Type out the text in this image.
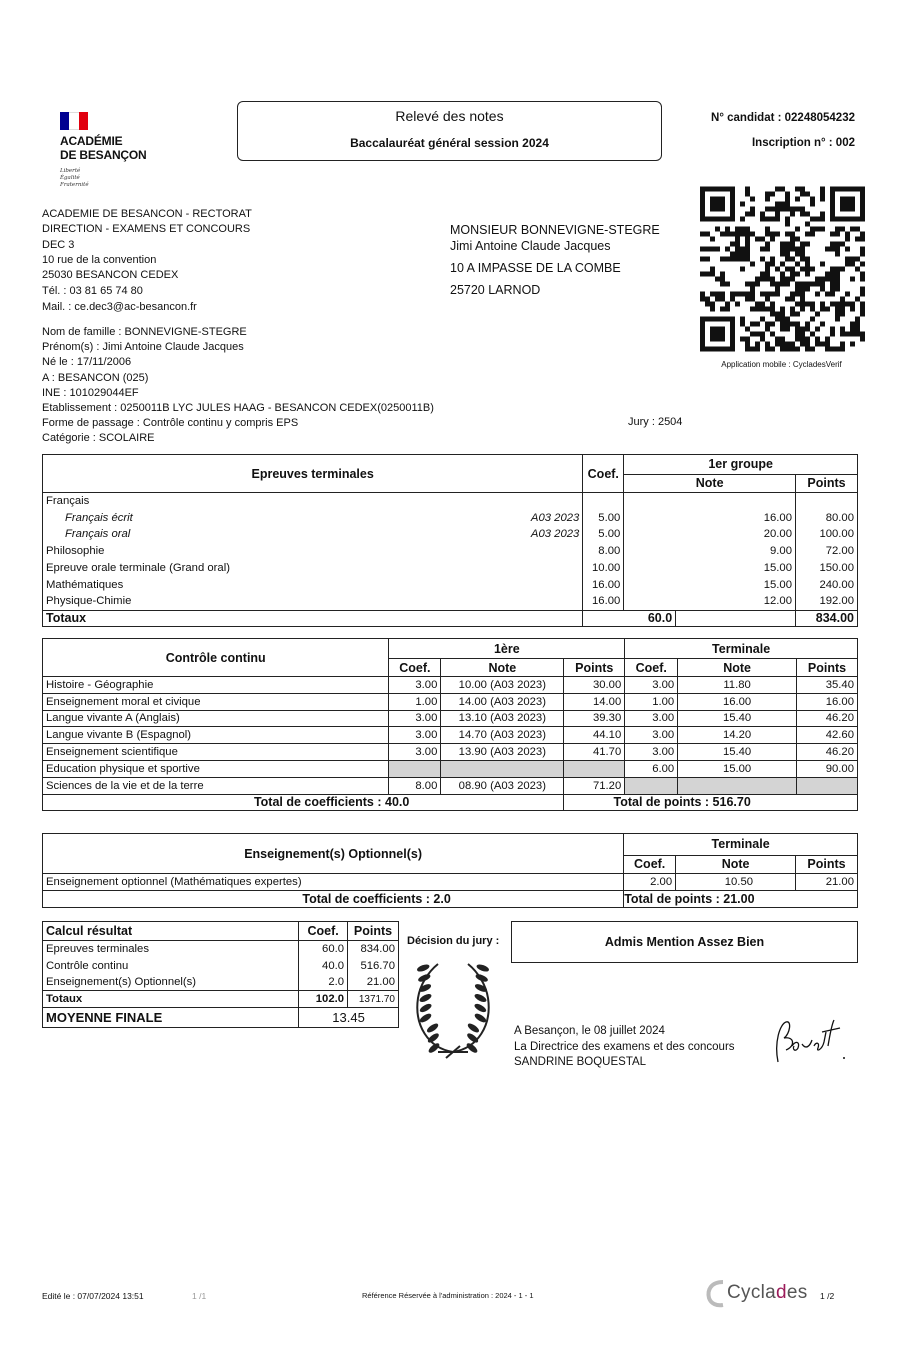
ACADÉMIE
DE BESANÇON
Liberté
Égalité
Fraternité
Relevé des notes
Baccalauréat général session 2024
N° candidat : 02248054232
Inscription n° : 002
Application mobile : CycladesVerif
ACADEMIE DE BESANCON - RECTORAT
DIRECTION - EXAMENS ET CONCOURS
DEC 3
10 rue de la convention
25030 BESANCON CEDEX
Tél. : 03 81 65 74 80
Mail. : ce.dec3@ac-besancon.fr
MONSIEUR BONNEVIGNE-STEGRE
Jimi Antoine Claude Jacques
10 A IMPASSE DE LA COMBE
25720 LARNOD
Nom de famille : BONNEVIGNE-STEGRE
Prénom(s) : Jimi Antoine Claude Jacques
Né le : 17/11/2006
A : BESANCON (025)
INE : 101029044EF
Etablissement : 0250011B LYC JULES HAAG - BESANCON CEDEX(0250011B)
Forme de passage : Contrôle continu y compris EPS
Catégorie : SCOLAIRE
Jury : 2504
Epreuves terminales	Coef.	1er groupe		
		Note		Points
Français				
Français écrit A03 2023	5.00	16.00		80.00
Français oral A03 2023	5.00	20.00		100.00
Philosophie	8.00	9.00		72.00
Epreuve orale terminale (Grand oral)	10.00	15.00		150.00
Mathématiques	16.00	15.00		240.00
Physique-Chimie	16.00	12.00		192.00
Totaux	60.0			834.00
Contrôle continu	1ère			Terminale		
	Coef.	Note	Points	Coef.	Note	Points
Histoire - Géographie	3.00	10.00 (A03 2023)	30.00	3.00	11.80	35.40
Enseignement moral et civique	1.00	14.00 (A03 2023)	14.00	1.00	16.00	16.00
Langue vivante A (Anglais)	3.00	13.10 (A03 2023)	39.30	3.00	15.40	46.20
Langue vivante B (Espagnol)	3.00	14.70 (A03 2023)	44.10	3.00	14.20	42.60
Enseignement scientifique	3.00	13.90 (A03 2023)	41.70	3.00	15.40	46.20
Education physique et sportive				6.00	15.00	90.00
Sciences de la vie et de la terre	8.00	08.90 (A03 2023)	71.20			
Total de coefficients : 40.0			Total de points : 516.70			
Enseignement(s) Optionnel(s)	Terminale		
	Coef.	Note	Points
Enseignement optionnel (Mathématiques expertes)	2.00	10.50	21.00
Total de coefficients : 2.0	Total de points : 21.00		
Calcul résultat	Coef.	Points
Epreuves terminales	60.0	834.00
Contrôle continu	40.0	516.70
Enseignement(s) Optionnel(s)	2.0	21.00
Totaux	102.0	1371.70
MOYENNE FINALE	13.45	
Décision du jury :	Admis Mention Assez Bien
A Besançon, le 08 juillet 2024
La Directrice des examens et des concours
SANDRINE BOQUESTAL
Edité le : 07/07/2024 13:51	1 /1	Référence Réservée à l'administration : 2024 - 1 - 1	Cyclades 1 /2
